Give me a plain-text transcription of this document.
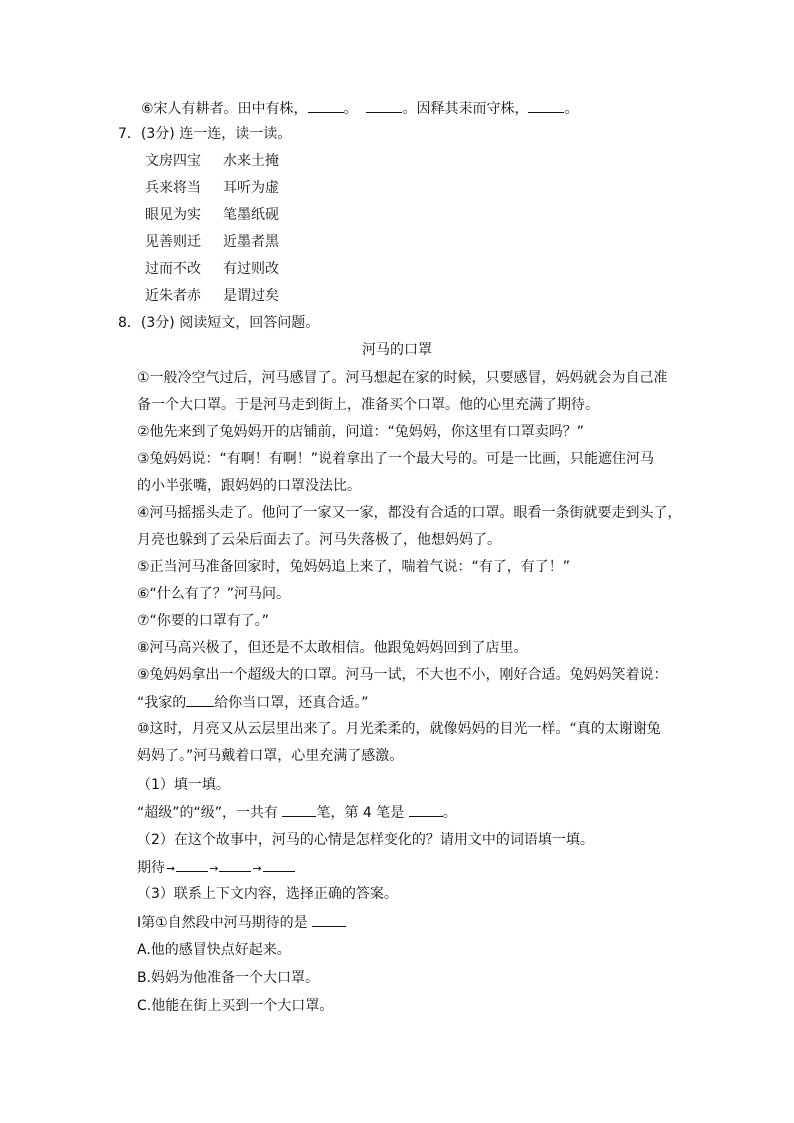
⑥宋人有耕者。田中有株，	。	。因释其耒而守株，	。
7．(3分) 连一连，读一读。
文房四宝 水来土掩
兵来将当 耳听为虚
眼见为实 笔墨纸砚
见善则迁 近墨者黑
过而不改 有过则改
近朱者赤 是谓过矣
8．(3分) 阅读短文，回答问题。
河马的口罩
①一般冷空气过后，河马感冒了。河马想起在家的时候，只要感冒，妈妈就会为自己准
备一个大口罩。于是河马走到街上，准备买个口罩。他的心里充满了期待。
②他先来到了兔妈妈开的店铺前，问道：“兔妈妈，你这里有口罩卖吗？”
③兔妈妈说：“有啊！有啊！”说着拿出了一个最大号的。可是一比画，只能遮住河马
的小半张嘴，跟妈妈的口罩没法比。
④河马摇摇头走了。他问了一家又一家，都没有合适的口罩。眼看一条街就要走到头了，
月亮也躲到了云朵后面去了。河马失落极了，他想妈妈了。
⑤正当河马准备回家时，兔妈妈追上来了，喘着气说：“有了，有了！”
⑥“什么有了？”河马问。
⑦“你要的口罩有了。”
⑧河马高兴极了，但还是不太敢相信。他跟兔妈妈回到了店里。
⑨兔妈妈拿出一个超级大的口罩。河马一试，不大也不小，刚好合适。兔妈妈笑着说：
“我家的 给你当口罩，还真合适。”
⑩这时，月亮又从云层里出来了。月光柔柔的，就像妈妈的目光一样。“真的太谢谢兔
妈妈了。”河马戴着口罩，心里充满了感激。
（1）填一填。
“超级”的“级”，一共有	笔，第 4 笔是	。
（2）在这个故事中，河马的心情是怎样变化的？请用文中的词语填一填。
期待➞	→	→
（3）联系上下文内容，选择正确的答案。
Ⅰ第①自然段中河马期待的是
A.他的感冒快点好起来。
B.妈妈为他准备一个大口罩。
C.他能在街上买到一个大口罩。
